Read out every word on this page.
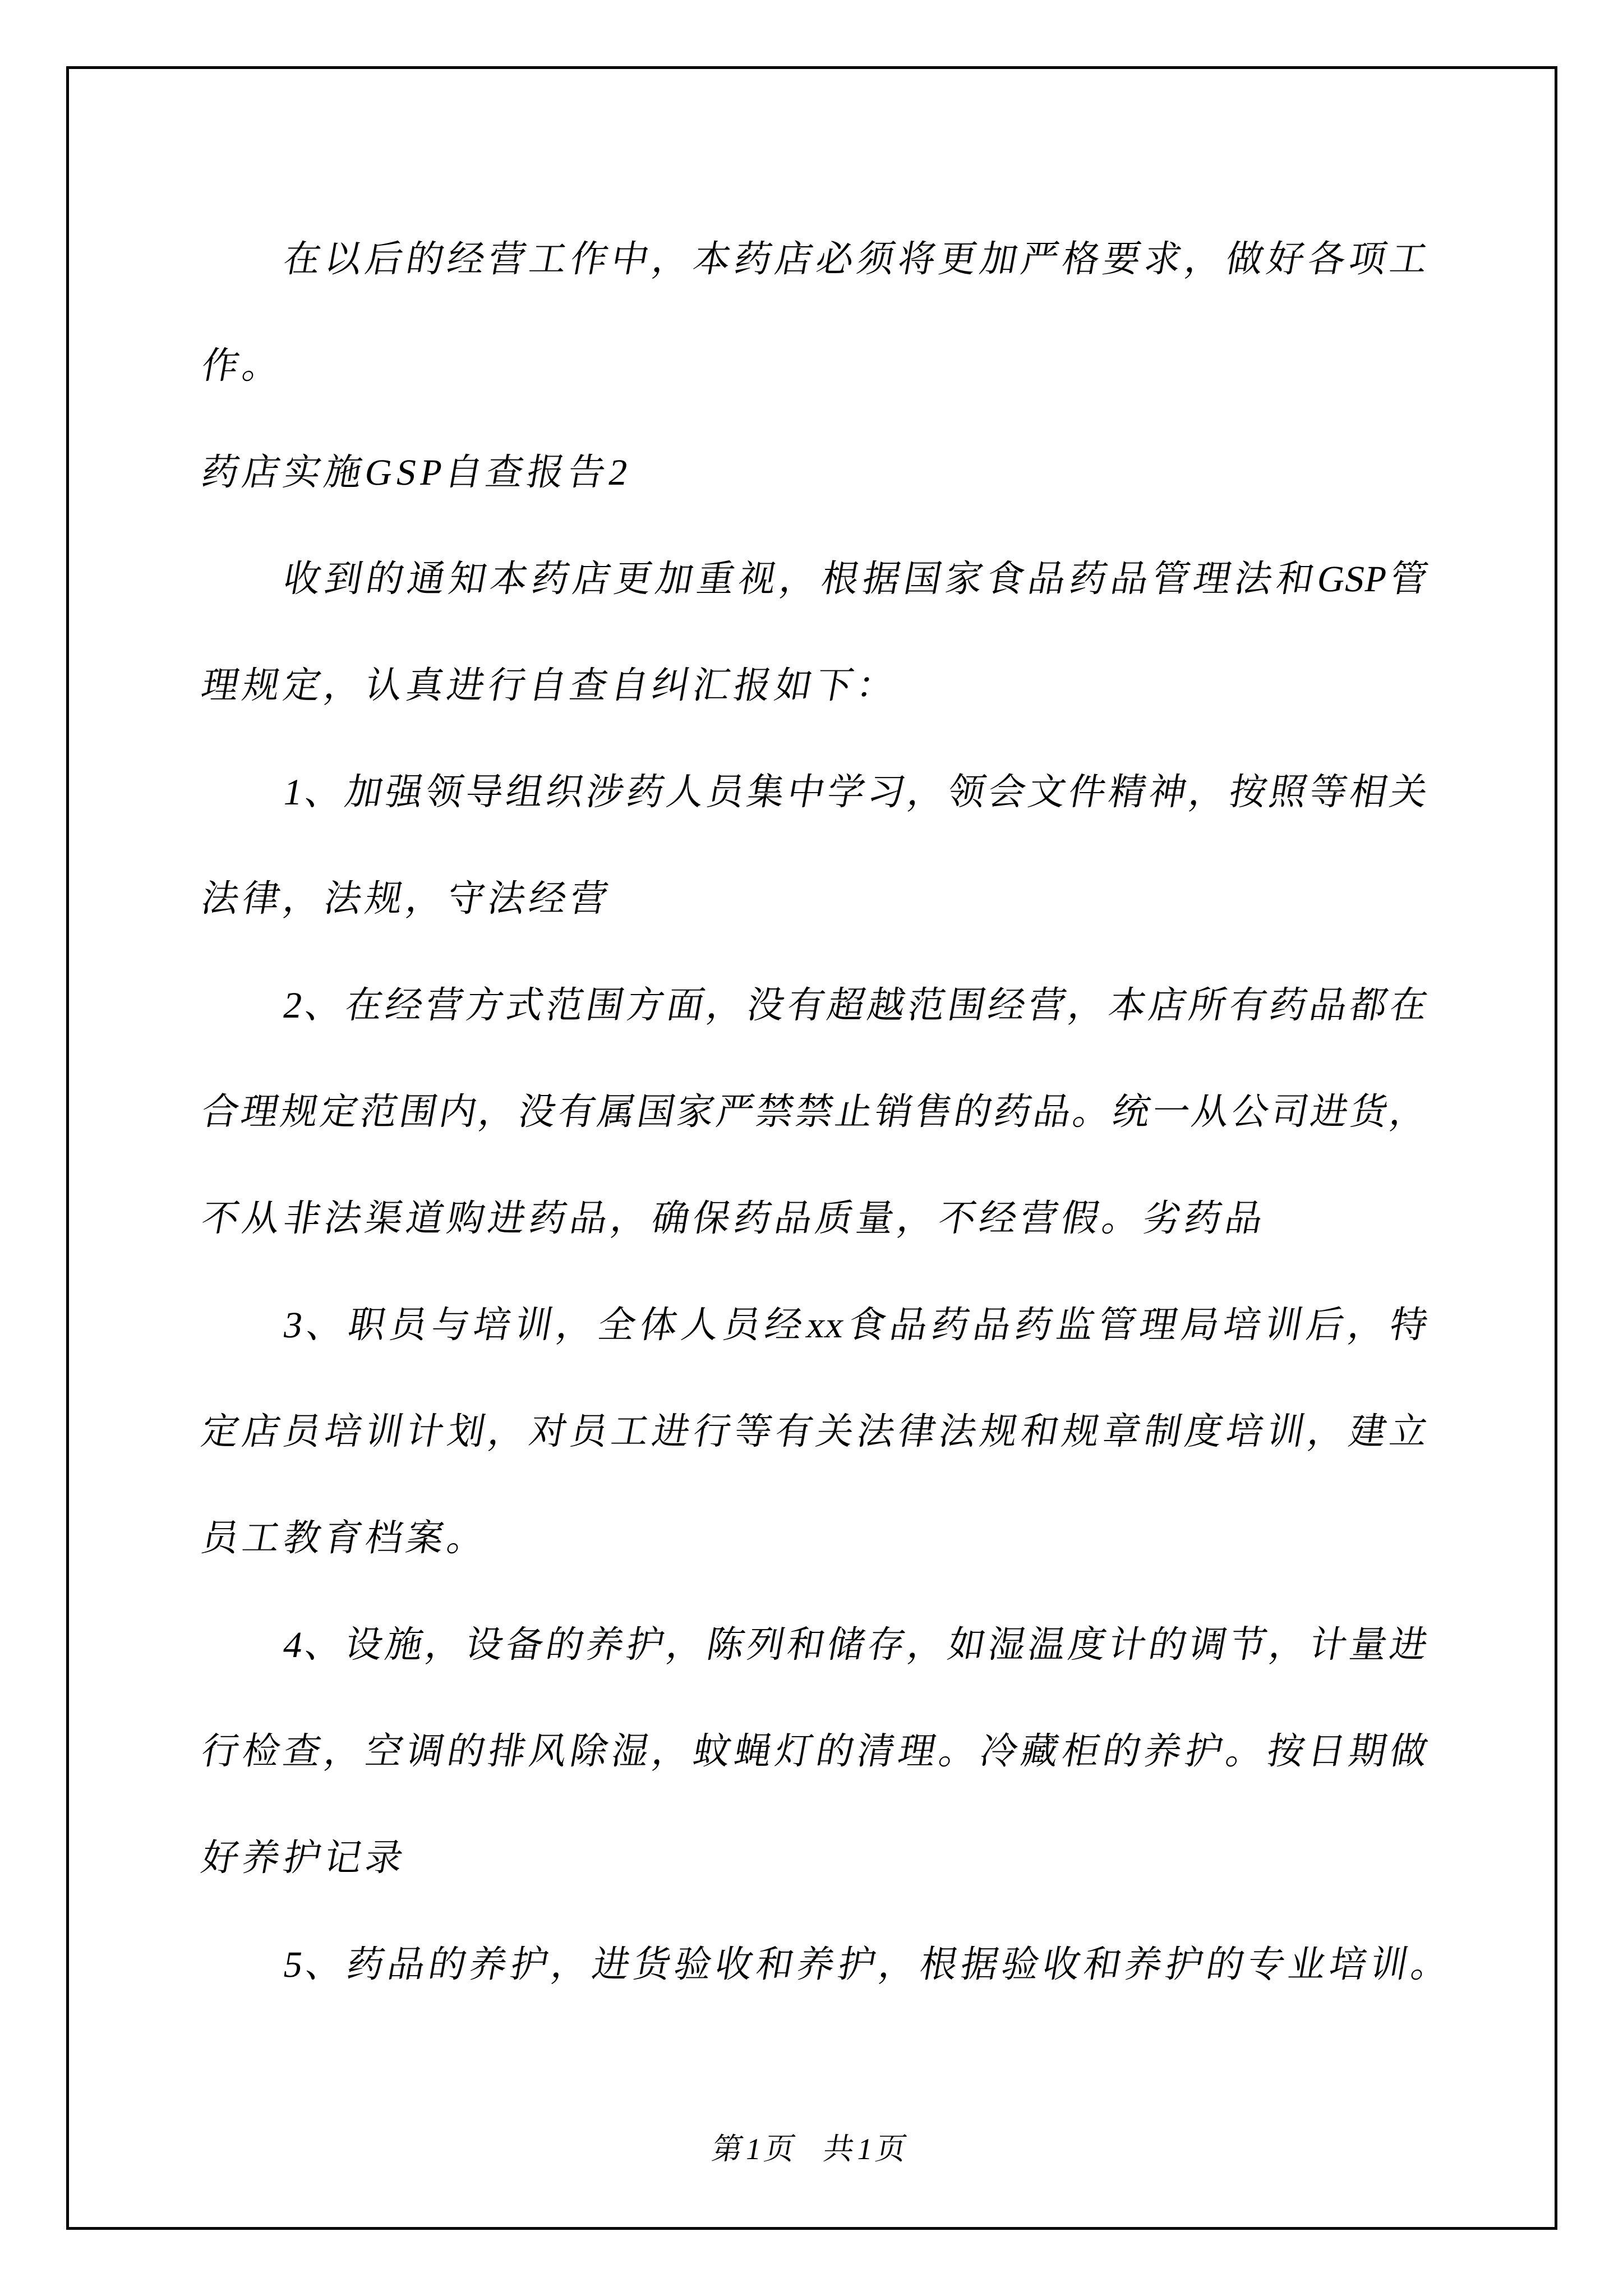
在以后的经营工作中，本药店必须将更加严格要求，做好各项工
作。
药店实施GSP自查报告2
收到的通知本药店更加重视，根据国家食品药品管理法和GSP管
理规定，认真进行自查自纠汇报如下：
1、加强领导组织涉药人员集中学习，领会文件精神，按照等相关
法律，法规，守法经营
2、在经营方式范围方面，没有超越范围经营，本店所有药品都在
合理规定范围内，没有属国家严禁禁止销售的药品。统一从公司进货，
不从非法渠道购进药品，确保药品质量，不经营假。劣药品
3、职员与培训，全体人员经xx食品药品药监管理局培训后，特
定店员培训计划，对员工进行等有关法律法规和规章制度培训，建立
员工教育档案。
4、设施，设备的养护，陈列和储存，如湿温度计的调节，计量进
行检查，空调的排风除湿，蚊蝇灯的清理。冷藏柜的养护。按日期做
好养护记录
5、药品的养护，进货验收和养护，根据验收和养护的专业培训。
第1页 共1页
